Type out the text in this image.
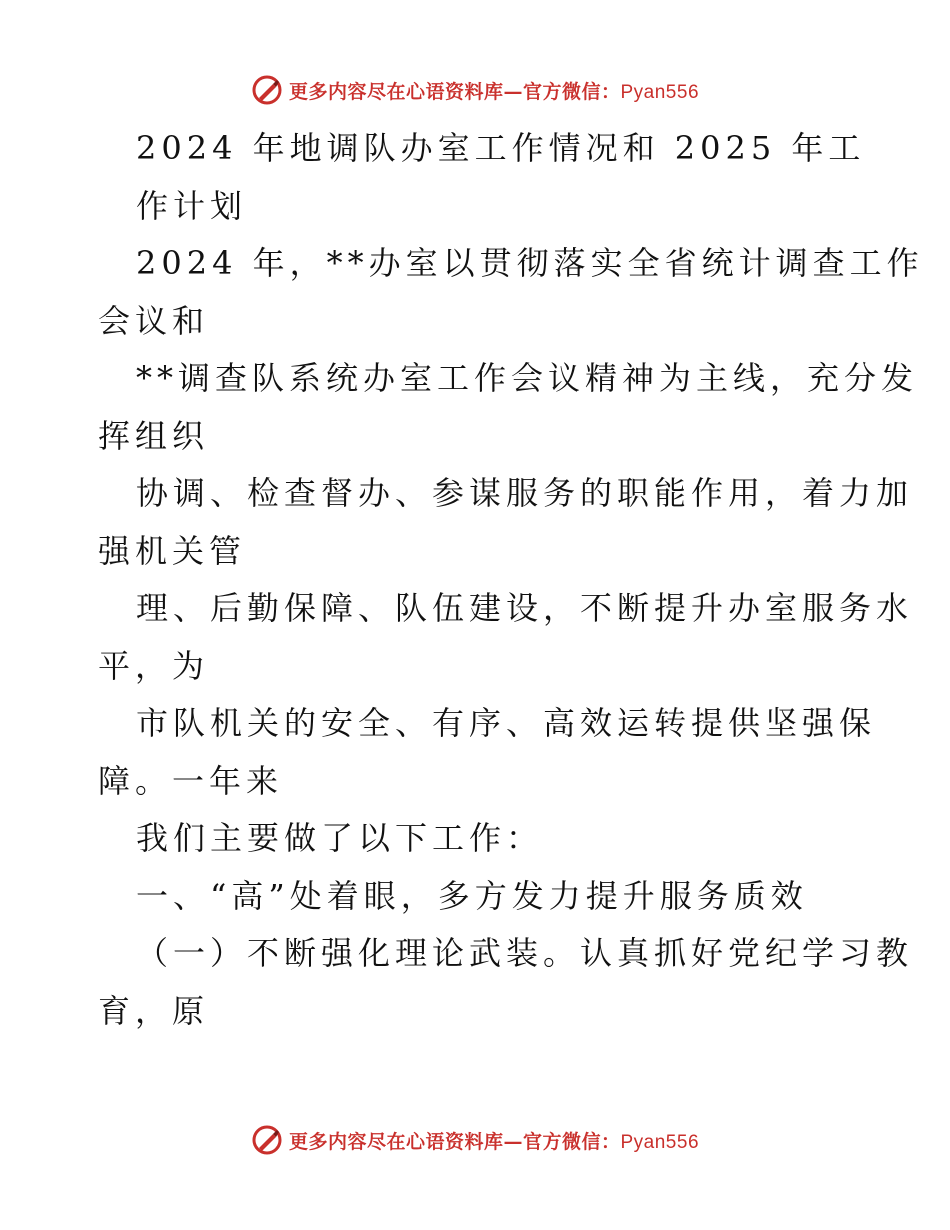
更多内容尽在心语资料库—官方微信：Pyan556
2024 年地调队办室工作情况和 2025 年工
作计划
2024 年，**办室以贯彻落实全省统计调查工作
会议和
**调查队系统办室工作会议精神为主线，充分发
挥组织
协调、检查督办、参谋服务的职能作用，着力加
强机关管
理、后勤保障、队伍建设，不断提升办室服务水
平，为
市队机关的安全、有序、高效运转提供坚强保
障。一年来
我们主要做了以下工作：
一、“高”处着眼，多方发力提升服务质效
（一）不断强化理论武装。认真抓好党纪学习教
育，原
更多内容尽在心语资料库—官方微信：Pyan556
